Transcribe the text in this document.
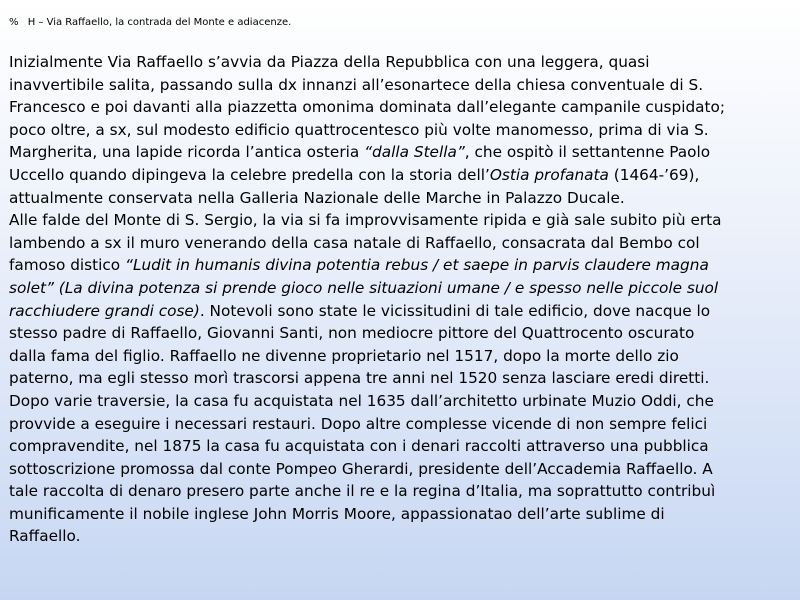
% H – Via Raffaello, la contrada del Monte e adiacenze.

Inizialmente Via Raffaello s’avvia da Piazza della Repubblica con una leggera, quasi
inavvertibile salita, passando sulla dx innanzi all’esonartece della chiesa conventuale di S.
Francesco e poi davanti alla piazzetta omonima dominata dall’elegante campanile cuspidato;
poco oltre, a sx, sul modesto edificio quattrocentesco più volte manomesso, prima di via S.
Margherita, una lapide ricorda l’antica osteria “dalla Stella”, che ospitò il settantenne Paolo
Uccello quando dipingeva la celebre predella con la storia dell’Ostia profanata (1464-’69),
attualmente conservata nella Galleria Nazionale delle Marche in Palazzo Ducale.

Alle falde del Monte di S. Sergio, la via si fa improvvisamente ripida e già sale subito più erta
lambendo a sx il muro venerando della casa natale di Raffaello, consacrata dal Bembo col
famoso distico “Ludit in humanis divina potentia rebus / et saepe in parvis claudere magna
solet” (La divina potenza si prende gioco nelle situazioni umane / e spesso nelle piccole suol
racchiudere grandi cose). Notevoli sono state le vicissitudini di tale edificio, dove nacque lo
stesso padre di Raffaello, Giovanni Santi, non mediocre pittore del Quattrocento oscurato
dalla fama del figlio. Raffaello ne divenne proprietario nel 1517, dopo la morte dello zio
paterno, ma egli stesso morì trascorsi appena tre anni nel 1520 senza lasciare eredi diretti.
Dopo varie traversie, la casa fu acquistata nel 1635 dall’architetto urbinate Muzio Oddi, che
provvide a eseguire i necessari restauri. Dopo altre complesse vicende di non sempre felici
compravendite, nel 1875 la casa fu acquistata con i denari raccolti attraverso una pubblica
sottoscrizione promossa dal conte Pompeo Gherardi, presidente dell’Accademia Raffaello. A
tale raccolta di denaro presero parte anche il re e la regina d’Italia, ma soprattutto contribuì
munificamente il nobile inglese John Morris Moore, appassionatao dell’arte sublime di
Raffaello.
